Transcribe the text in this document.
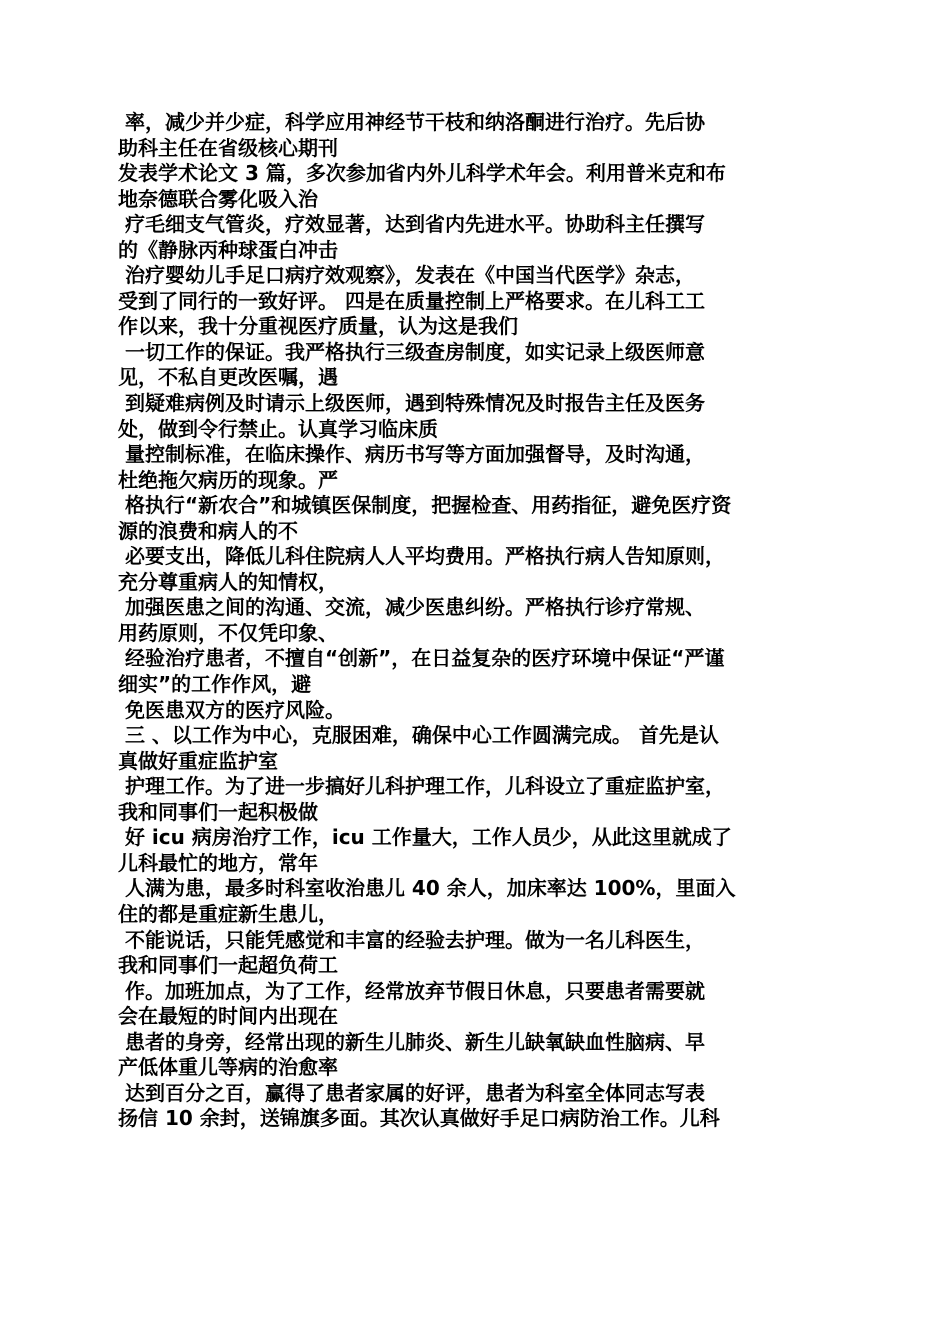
率，减少并少症，科学应用神经节干枝和纳洛酮进行治疗。先后协
助科主任在省级核心期刊
发表学术论文 3 篇，多次参加省内外儿科学术年会。利用普米克和布
地奈德联合雾化吸入治
疗毛细支气管炎，疗效显著，达到省内先进水平。协助科主任撰写
的《静脉丙种球蛋白冲击
治疗婴幼儿手足口病疗效观察》，发表在《中国当代医学》杂志，
受到了同行的一致好评。 四是在质量控制上严格要求。在儿科工工
作以来，我十分重视医疗质量，认为这是我们
一切工作的保证。我严格执行三级查房制度，如实记录上级医师意
见，不私自更改医嘱，遇
到疑难病例及时请示上级医师，遇到特殊情况及时报告主任及医务
处，做到令行禁止。认真学习临床质
量控制标准，在临床操作、病历书写等方面加强督导，及时沟通，
杜绝拖欠病历的现象。严
格执行“新农合”和城镇医保制度，把握检查、用药指征，避免医疗资
源的浪费和病人的不
必要支出，降低儿科住院病人人平均费用。严格执行病人告知原则，
充分尊重病人的知情权，
加强医患之间的沟通、交流，减少医患纠纷。严格执行诊疗常规、
用药原则，不仅凭印象、
经验治疗患者，不擅自“创新”，在日益复杂的医疗环境中保证“严谨
细实”的工作作风，避
免医患双方的医疗风险。
三 、以工作为中心，克服困难，确保中心工作圆满完成。 首先是认
真做好重症监护室
护理工作。为了进一步搞好儿科护理工作，儿科设立了重症监护室，
我和同事们一起积极做
好 icu 病房治疗工作，icu 工作量大，工作人员少，从此这里就成了
儿科最忙的地方，常年
人满为患，最多时科室收治患儿 40 余人，加床率达 100%，里面入
住的都是重症新生患儿，
不能说话，只能凭感觉和丰富的经验去护理。做为一名儿科医生，
我和同事们一起超负荷工
作。加班加点，为了工作，经常放弃节假日休息，只要患者需要就
会在最短的时间内出现在
患者的身旁，经常出现的新生儿肺炎、新生儿缺氧缺血性脑病、早
产低体重儿等病的治愈率
达到百分之百，赢得了患者家属的好评，患者为科室全体同志写表
扬信 10 余封，送锦旗多面。其次认真做好手足口病防治工作。儿科
